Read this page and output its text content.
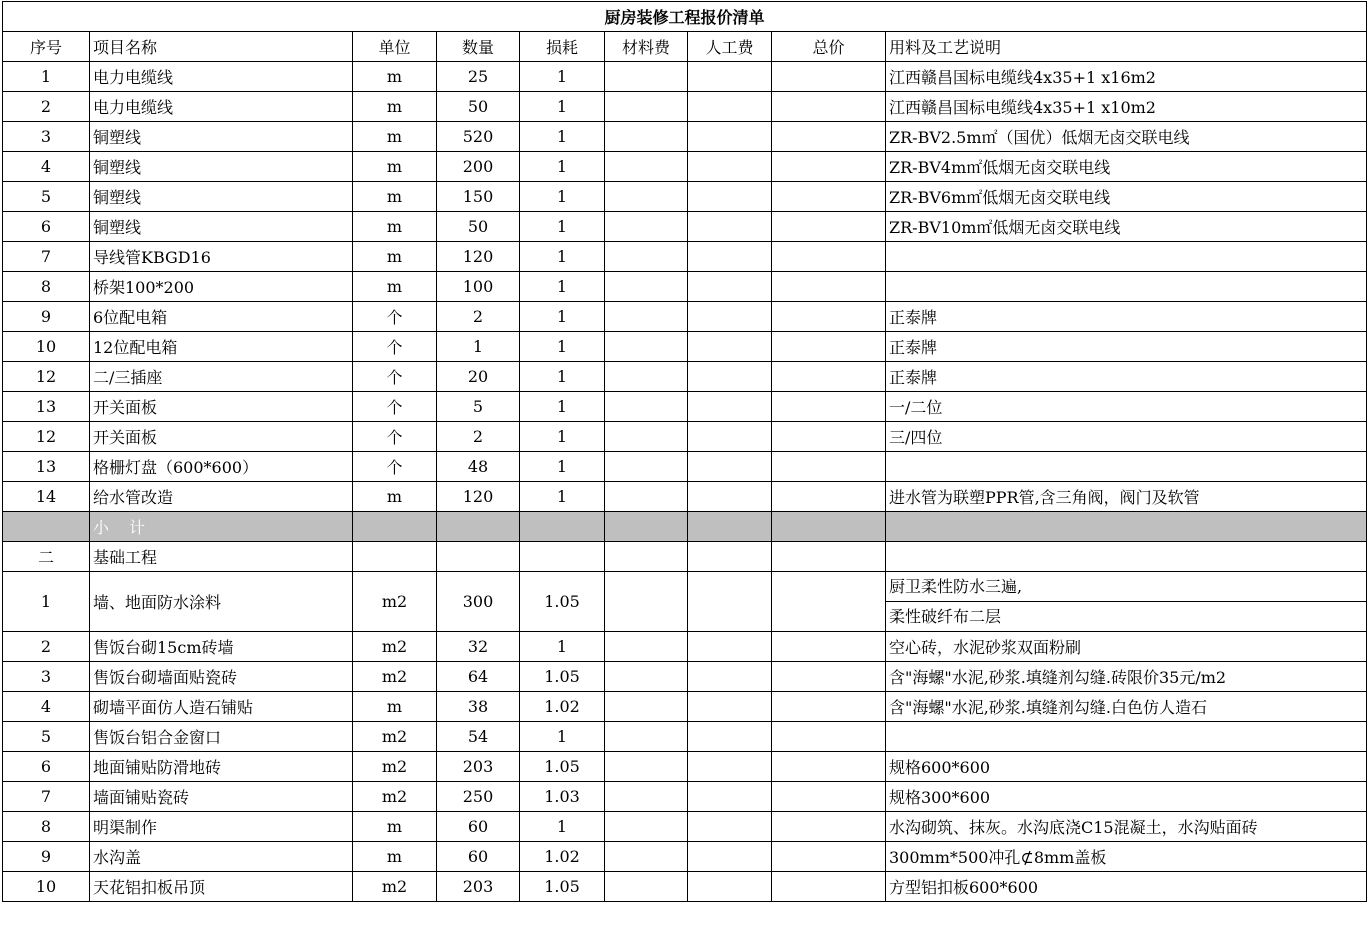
厨房装修工程报价清单								
序号	项目名称	单位	数量	损耗	材料费	人工费	总价	用料及工艺说明
1	电力电缆线	m	25	1				江西赣昌国标电缆线4x35+1 x16m2
2	电力电缆线	m	50	1				江西赣昌国标电缆线4x35+1 x10m2
3	铜塑线	m	520	1				ZR-BV2.5m㎡（国优）低烟无卤交联电线
4	铜塑线	m	200	1				ZR-BV4m㎡低烟无卤交联电线
5	铜塑线	m	150	1				ZR-BV6m㎡低烟无卤交联电线
6	铜塑线	m	50	1				ZR-BV10m㎡低烟无卤交联电线
7	导线管KBGD16	m	120	1				
8	桥架100*200	m	100	1				
9	6位配电箱	个	2	1				正泰牌
10	12位配电箱	个	1	1				正泰牌
12	二/三插座	个	20	1				正泰牌
13	开关面板	个	5	1				一/二位
12	开关面板	个	2	1				三/四位
13	格栅灯盘（600*600）	个	48	1				
14	给水管改造	m	120	1				进水管为联塑PPR管,含三角阀，阀门及软管
	小　计							
二	基础工程							
1	墙、地面防水涂料	m2	300	1.05				厨卫柔性防水三遍,
柔性破纤布二层

2	售饭台砌15cm砖墙	m2	32	1				空心砖，水泥砂浆双面粉刷
3	售饭台砌墙面贴瓷砖	m2	64	1.05				含"海螺"水泥,砂浆.填缝剂勾缝.砖限价35元/m2
4	砌墙平面仿人造石铺贴	m	38	1.02				含"海螺"水泥,砂浆.填缝剂勾缝.白色仿人造石
5	售饭台铝合金窗口	m2	54	1				
6	地面铺贴防滑地砖	m2	203	1.05				规格600*600
7	墙面铺贴瓷砖	m2	250	1.03				规格300*600
8	明渠制作	m	60	1				水沟砌筑、抹灰。水沟底浇C15混凝土，水沟贴面砖
9	水沟盖	m	60	1.02				300mm*500冲孔⊄8mm盖板
10	天花铝扣板吊顶	m2	203	1.05				方型铝扣板600*600
